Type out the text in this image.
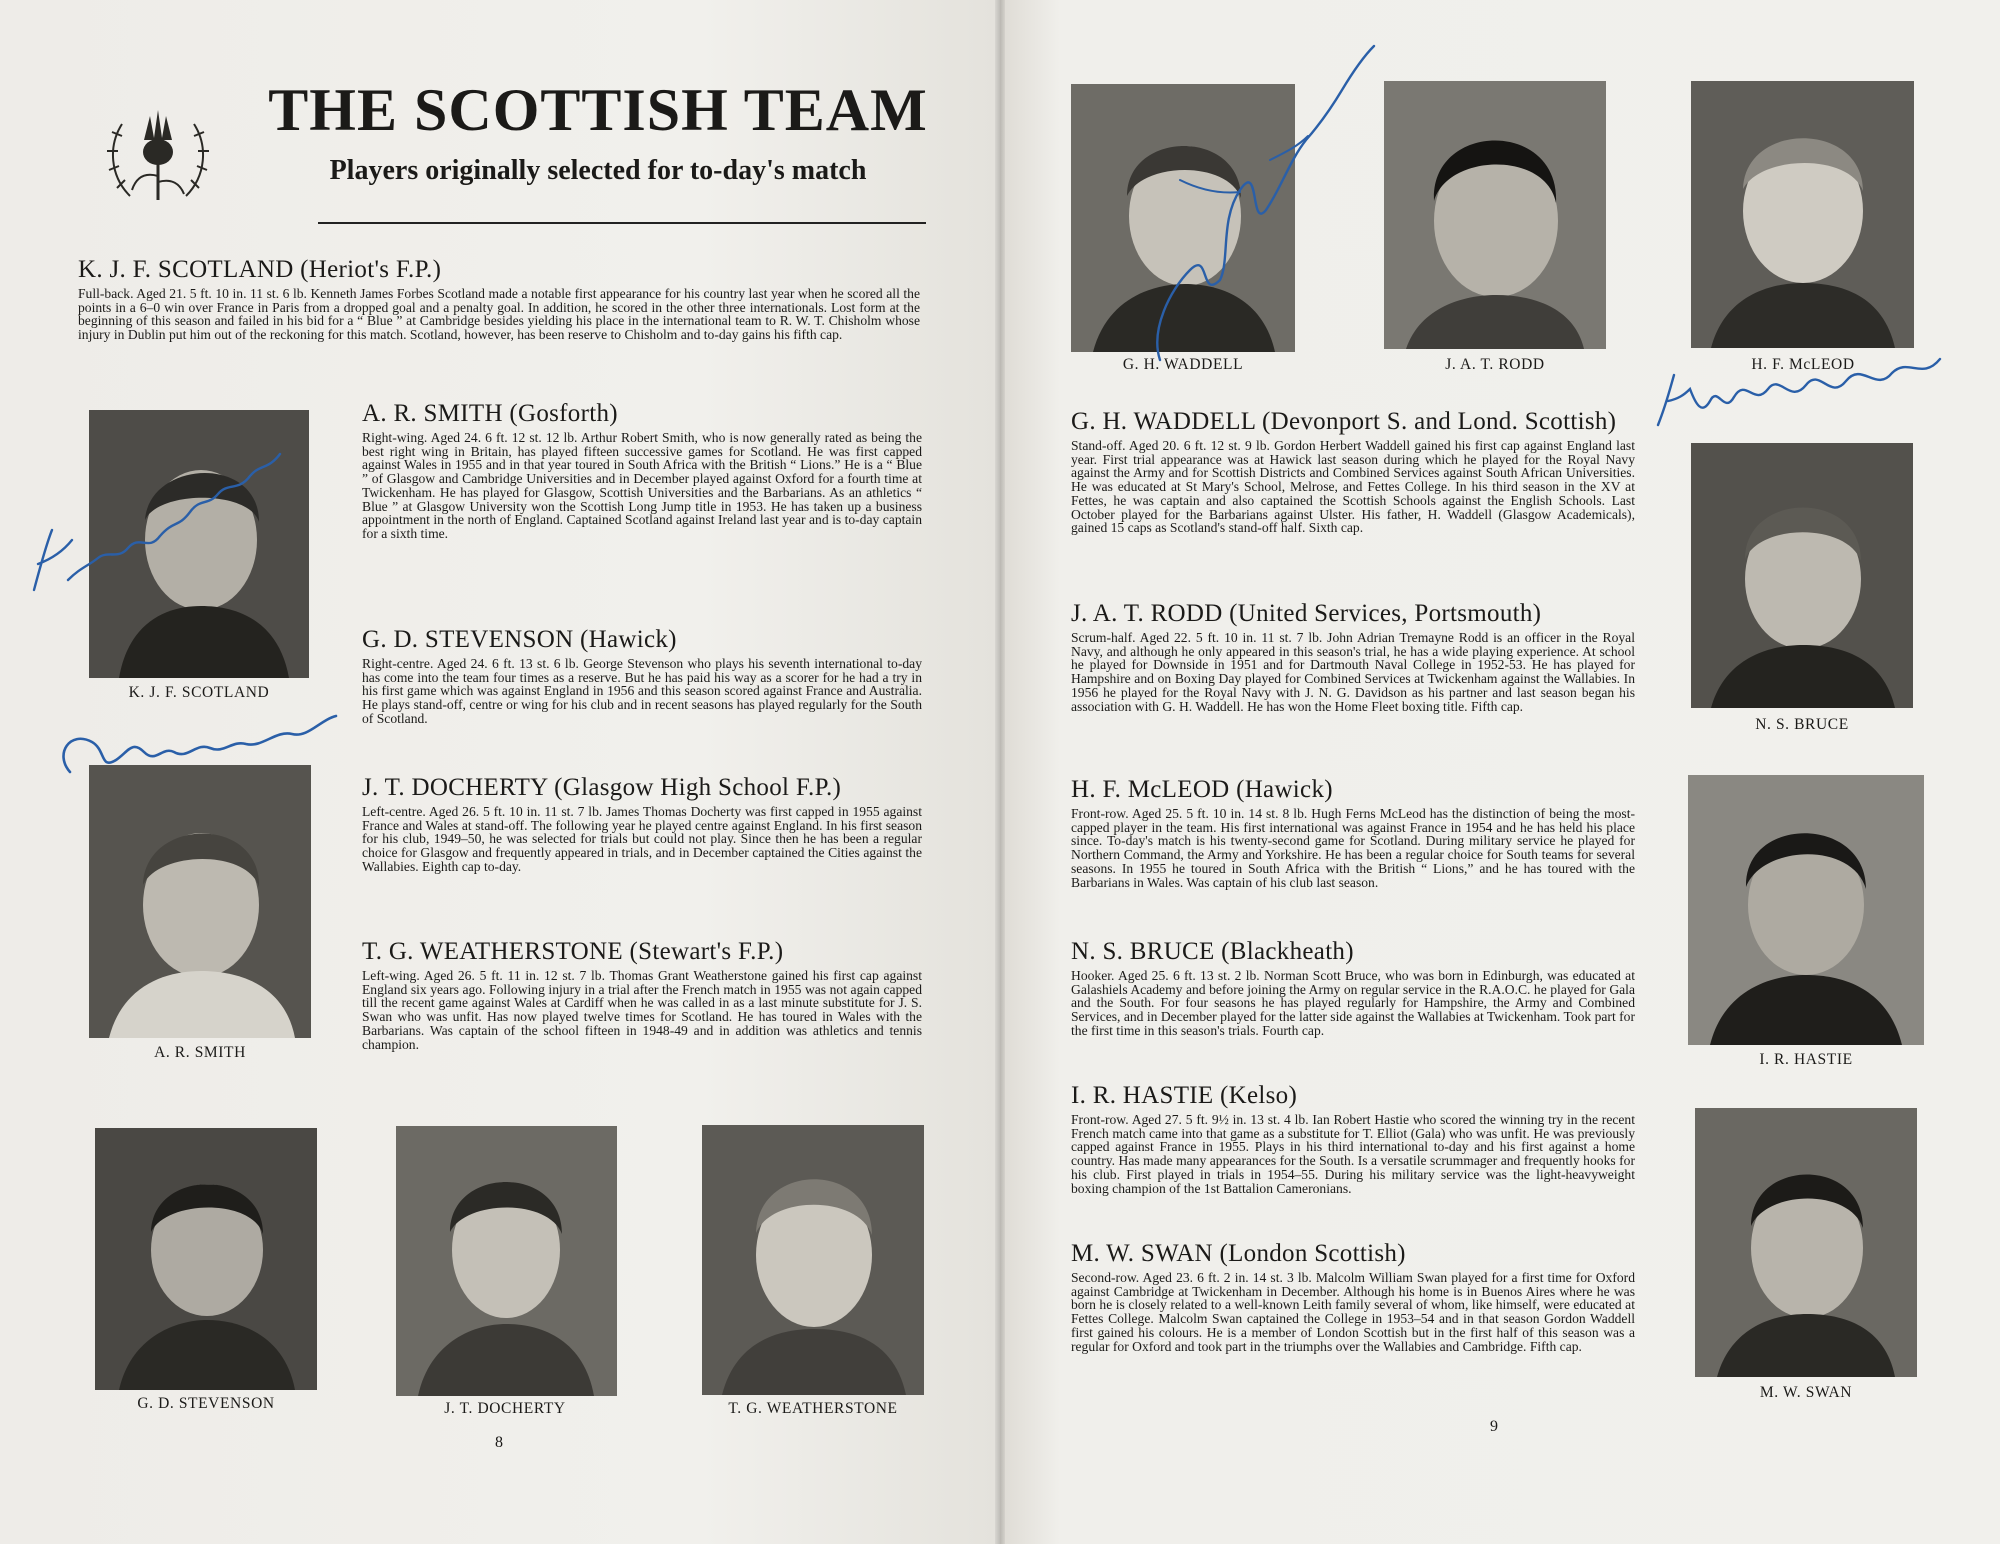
THE SCOTTISH TEAM
Players originally selected for to-day's match
K. J. F. SCOTLAND (Heriot's F.P.)
Full-back. Aged 21. 5 ft. 10 in. 11 st. 6 lb. Kenneth James Forbes Scotland made a notable first appearance for his country last year when he scored all the points in a 6–0 win over France in Paris from a dropped goal and a penalty goal. In addition, he scored in the other three internationals. Lost form at the beginning of this season and failed in his bid for a “ Blue ” at Cambridge besides yielding his place in the international team to R. W. T. Chisholm whose injury in Dublin put him out of the reckoning for this match. Scotland, however, has been reserve to Chisholm and to-day gains his fifth cap.
A. R. SMITH (Gosforth)
Right-wing. Aged 24. 6 ft. 12 st. 12 lb. Arthur Robert Smith, who is now generally rated as being the best right wing in Britain, has played fifteen successive games for Scotland. He was first capped against Wales in 1955 and in that year toured in South Africa with the British “ Lions.” He is a “ Blue ” of Glasgow and Cambridge Universities and in December played against Oxford for a fourth time at Twickenham. He has played for Glasgow, Scottish Universities and the Barbarians. As an athletics “ Blue ” at Glasgow University won the Scottish Long Jump title in 1953. He has taken up a business appointment in the north of England. Captained Scotland against Ireland last year and is to-day captain for a sixth time.
G. D. STEVENSON (Hawick)
Right-centre. Aged 24. 6 ft. 13 st. 6 lb. George Stevenson who plays his seventh international to-day has come into the team four times as a reserve. But he has paid his way as a scorer for he had a try in his first game which was against England in 1956 and this season scored against France and Australia. He plays stand-off, centre or wing for his club and in recent seasons has played regularly for the South of Scotland.
J. T. DOCHERTY (Glasgow High School F.P.)
Left-centre. Aged 26. 5 ft. 10 in. 11 st. 7 lb. James Thomas Docherty was first capped in 1955 against France and Wales at stand-off. The following year he played centre against England. In his first season for his club, 1949–50, he was selected for trials but could not play. Since then he has been a regular choice for Glasgow and frequently appeared in trials, and in December captained the Cities against the Wallabies. Eighth cap to-day.
T. G. WEATHERSTONE (Stewart's F.P.)
Left-wing. Aged 26. 5 ft. 11 in. 12 st. 7 lb. Thomas Grant Weatherstone gained his first cap against England six years ago. Following injury in a trial after the French match in 1955 was not again capped till the recent game against Wales at Cardiff when he was called in as a last minute substitute for J. S. Swan who was unfit. Has now played twelve times for Scotland. He has toured in Wales with the Barbarians. Was captain of the school fifteen in 1948-49 and in addition was athletics and tennis champion.
K. J. F. SCOTLAND
A. R. SMITH
G. D. STEVENSON	J. T. DOCHERTY	T. G. WEATHERSTONE
8
G. H. WADDELL	J. A. T. RODD	H. F. McLEOD
N. S. BRUCE
I. R. HASTIE
M. W. SWAN
G. H. WADDELL (Devonport S. and Lond. Scottish)
Stand-off. Aged 20. 6 ft. 12 st. 9 lb. Gordon Herbert Waddell gained his first cap against England last year. First trial appearance was at Hawick last season during which he played for the Royal Navy against the Army and for Scottish Districts and Combined Services against South African Universities. He was educated at St Mary's School, Melrose, and Fettes College. In his third season in the XV at Fettes, he was captain and also captained the Scottish Schools against the English Schools. Last October played for the Barbarians against Ulster. His father, H. Waddell (Glasgow Academicals), gained 15 caps as Scotland's stand-off half. Sixth cap.
J. A. T. RODD (United Services, Portsmouth)
Scrum-half. Aged 22. 5 ft. 10 in. 11 st. 7 lb. John Adrian Tremayne Rodd is an officer in the Royal Navy, and although he only appeared in this season's trial, he has a wide playing experience. At school he played for Downside in 1951 and for Dartmouth Naval College in 1952-53. He has played for Hampshire and on Boxing Day played for Combined Services at Twickenham against the Wallabies. In 1956 he played for the Royal Navy with J. N. G. Davidson as his partner and last season began his association with G. H. Waddell. He has won the Home Fleet boxing title. Fifth cap.
H. F. McLEOD (Hawick)
Front-row. Aged 25. 5 ft. 10 in. 14 st. 8 lb. Hugh Ferns McLeod has the distinction of being the most-capped player in the team. His first international was against France in 1954 and he has held his place since. To-day's match is his twenty-second game for Scotland. During military service he played for Northern Command, the Army and Yorkshire. He has been a regular choice for South teams for several seasons. In 1955 he toured in South Africa with the British “ Lions,” and he has toured with the Barbarians in Wales. Was captain of his club last season.
N. S. BRUCE (Blackheath)
Hooker. Aged 25. 6 ft. 13 st. 2 lb. Norman Scott Bruce, who was born in Edinburgh, was educated at Galashiels Academy and before joining the Army on regular service in the R.A.O.C. he played for Gala and the South. For four seasons he has played regularly for Hampshire, the Army and Combined Services, and in December played for the latter side against the Wallabies at Twickenham. Took part for the first time in this season's trials. Fourth cap.
I. R. HASTIE (Kelso)
Front-row. Aged 27. 5 ft. 9½ in. 13 st. 4 lb. Ian Robert Hastie who scored the winning try in the recent French match came into that game as a substitute for T. Elliot (Gala) who was unfit. He was previously capped against France in 1955. Plays in his third international to-day and his first against a home country. Has made many appearances for the South. Is a versatile scrummager and frequently hooks for his club. First played in trials in 1954–55. During his military service was the light-heavyweight boxing champion of the 1st Battalion Cameronians.
M. W. SWAN (London Scottish)
Second-row. Aged 23. 6 ft. 2 in. 14 st. 3 lb. Malcolm William Swan played for a first time for Oxford against Cambridge at Twickenham in December. Although his home is in Buenos Aires where he was born he is closely related to a well-known Leith family several of whom, like himself, were educated at Fettes College. Malcolm Swan captained the College in 1953–54 and in that season Gordon Waddell first gained his colours. He is a member of London Scottish but in the first half of this season was a regular for Oxford and took part in the triumphs over the Wallabies and Cambridge. Fifth cap.
9
